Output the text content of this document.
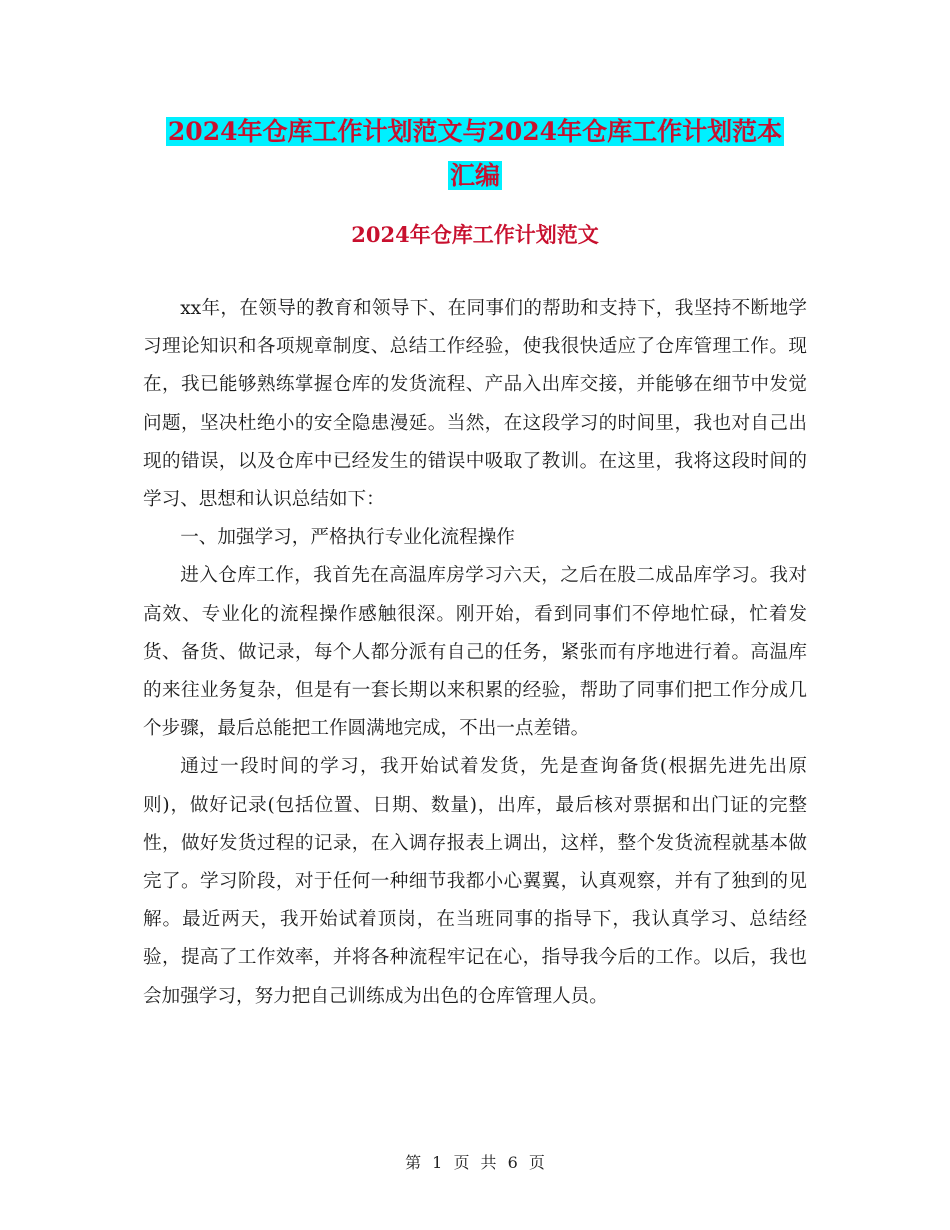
2024年仓库工作计划范文与2024年仓库工作计划范本
汇编
2024年仓库工作计划范文

xx年，在领导的教育和领导下、在同事们的帮助和支持下，我坚持不断地学习理论知识和各项规章制度、总结工作经验，使我很快适应了仓库管理工作。现在，我已能够熟练掌握仓库的发货流程、产品入出库交接，并能够在细节中发觉问题，坚决杜绝小的安全隐患漫延。当然，在这段学习的时间里，我也对自己出现的错误，以及仓库中已经发生的错误中吸取了教训。在这里，我将这段时间的学习、思想和认识总结如下：

一、加强学习，严格执行专业化流程操作

进入仓库工作，我首先在高温库房学习六天，之后在股二成品库学习。我对高效、专业化的流程操作感触很深。刚开始，看到同事们不停地忙碌，忙着发货、备货、做记录，每个人都分派有自己的任务，紧张而有序地进行着。高温库的来往业务复杂，但是有一套长期以来积累的经验，帮助了同事们把工作分成几个步骤，最后总能把工作圆满地完成，不出一点差错。

通过一段时间的学习，我开始试着发货，先是查询备货(根据先进先出原则)，做好记录(包括位置、日期、数量)，出库，最后核对票据和出门证的完整性，做好发货过程的记录，在入调存报表上调出，这样，整个发货流程就基本做完了。学习阶段，对于任何一种细节我都小心翼翼，认真观察，并有了独到的见解。最近两天，我开始试着顶岗，在当班同事的指导下，我认真学习、总结经验，提高了工作效率，并将各种流程牢记在心，指导我今后的工作。以后，我也会加强学习，努力把自己训练成为出色的仓库管理人员。

第 1 页 共 6 页
